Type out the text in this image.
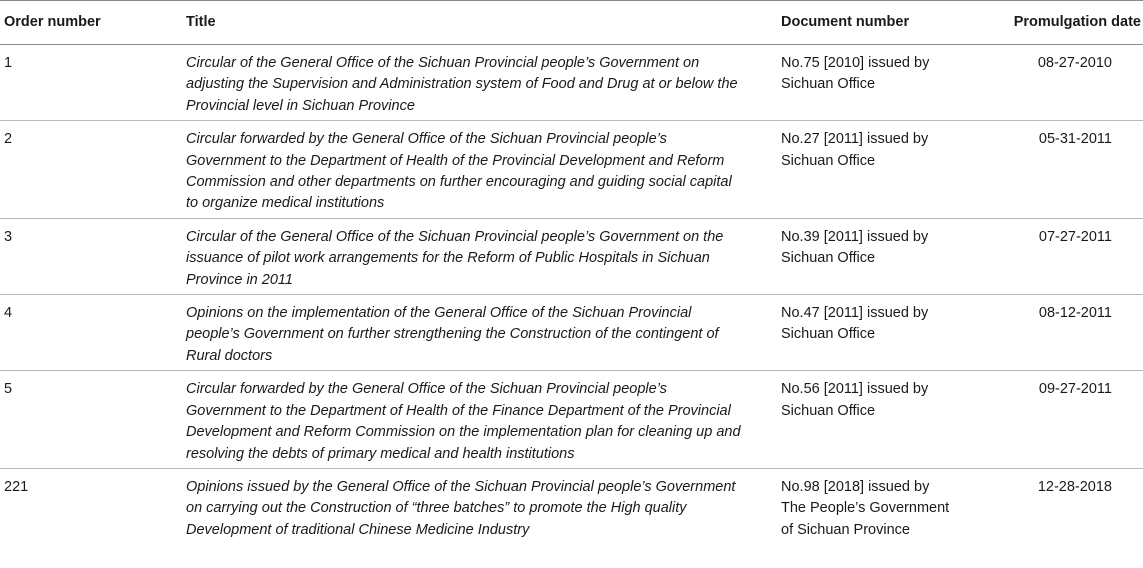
Order number	Title	Document number	Promulgation date
1	Circular of the General Office of the Sichuan Provincial people’s Government on adjusting the Supervision and Administration system of Food and Drug at or below the Provincial level in Sichuan Province	No.75 [2010] issued by Sichuan Office	08-27-2010
2	Circular forwarded by the General Office of the Sichuan Provincial people’s Government to the Department of Health of the Provincial Development and Reform Commission and other departments on further encouraging and guiding social capital to organize medical institutions	No.27 [2011] issued by Sichuan Office	05-31-2011
3	Circular of the General Office of the Sichuan Provincial people’s Government on the issuance of pilot work arrangements for the Reform of Public Hospitals in Sichuan Province in 2011	No.39 [2011] issued by Sichuan Office	07-27-2011
4	Opinions on the implementation of the General Office of the Sichuan Provincial people’s Government on further strengthening the Construction of the contingent of Rural doctors	No.47 [2011] issued by Sichuan Office	08-12-2011
5	Circular forwarded by the General Office of the Sichuan Provincial people’s Government to the Department of Health of the Finance Department of the Provincial Development and Reform Commission on the implementation plan for cleaning up and resolving the debts of primary medical and health institutions	No.56 [2011] issued by Sichuan Office	09-27-2011
221	Opinions issued by the General Office of the Sichuan Provincial people’s Government on carrying out the Construction of “three batches” to promote the High quality Development of traditional Chinese Medicine Industry	No.98 [2018] issued by The People’s Government of Sichuan Province	12-28-2018
